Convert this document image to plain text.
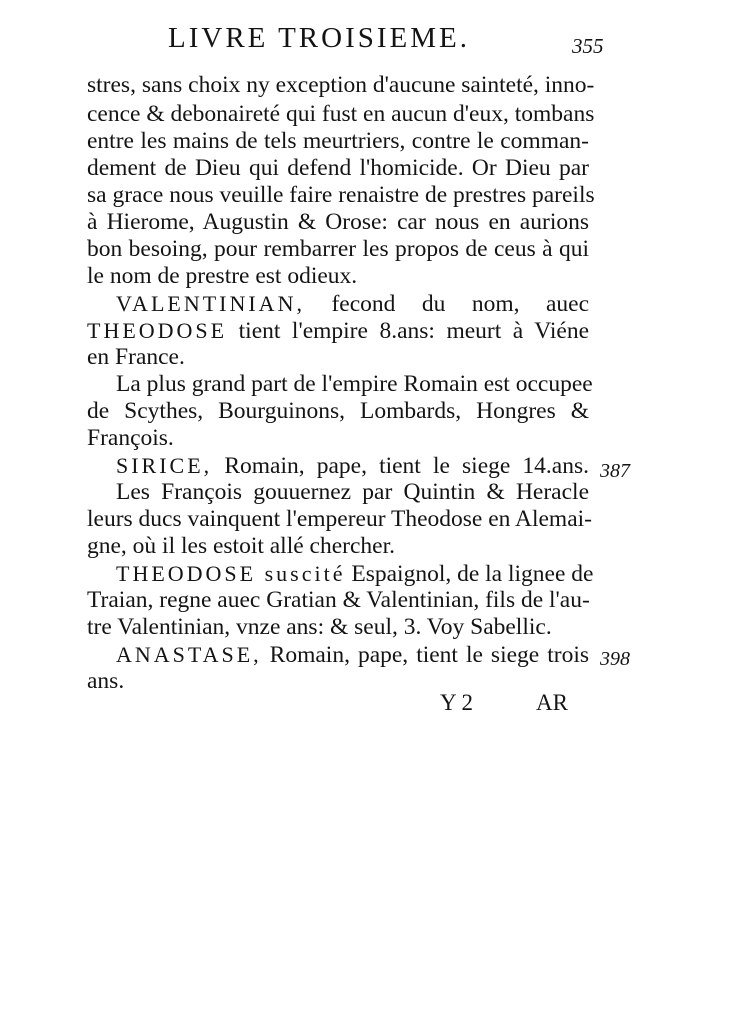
LIVRE TROISIEME.	355
stres, sans choix ny exception d'aucune sainteté, inno-
cence & debonaireté qui fust en aucun d'eux, tombans
entre les mains de tels meurtriers, contre le comman-
dement de Dieu qui defend l'homicide. Or Dieu par
sa grace nous veuille faire renaistre de prestres pareils
à Hierome, Augustin & Orose: car nous en aurions
bon besoing, pour rembarrer les propos de ceus à qui
le nom de prestre est odieux.
VALENTINIAN, fecond du nom, auec
THEODOSE tient l'empire 8.ans: meurt à Viéne
en France.
La plus grand part de l'empire Romain est occupee
de Scythes, Bourguinons, Lombards, Hongres &
François.
SIRICE, Romain, pape, tient le siege 14.ans. 387
Les François gouuernez par Quintin & Heracle
leurs ducs vainquent l'empereur Theodose en Alemai-
gne, où il les estoit allé chercher.
THEODOSE suscité Espaignol, de la lignee de
Traian, regne auec Gratian & Valentinian, fils de l'au-
tre Valentinian, vnze ans: & seul, 3. Voy Sabellic.
ANASTASE, Romain, pape, tient le siege trois 398
ans.
Y 2	AR
